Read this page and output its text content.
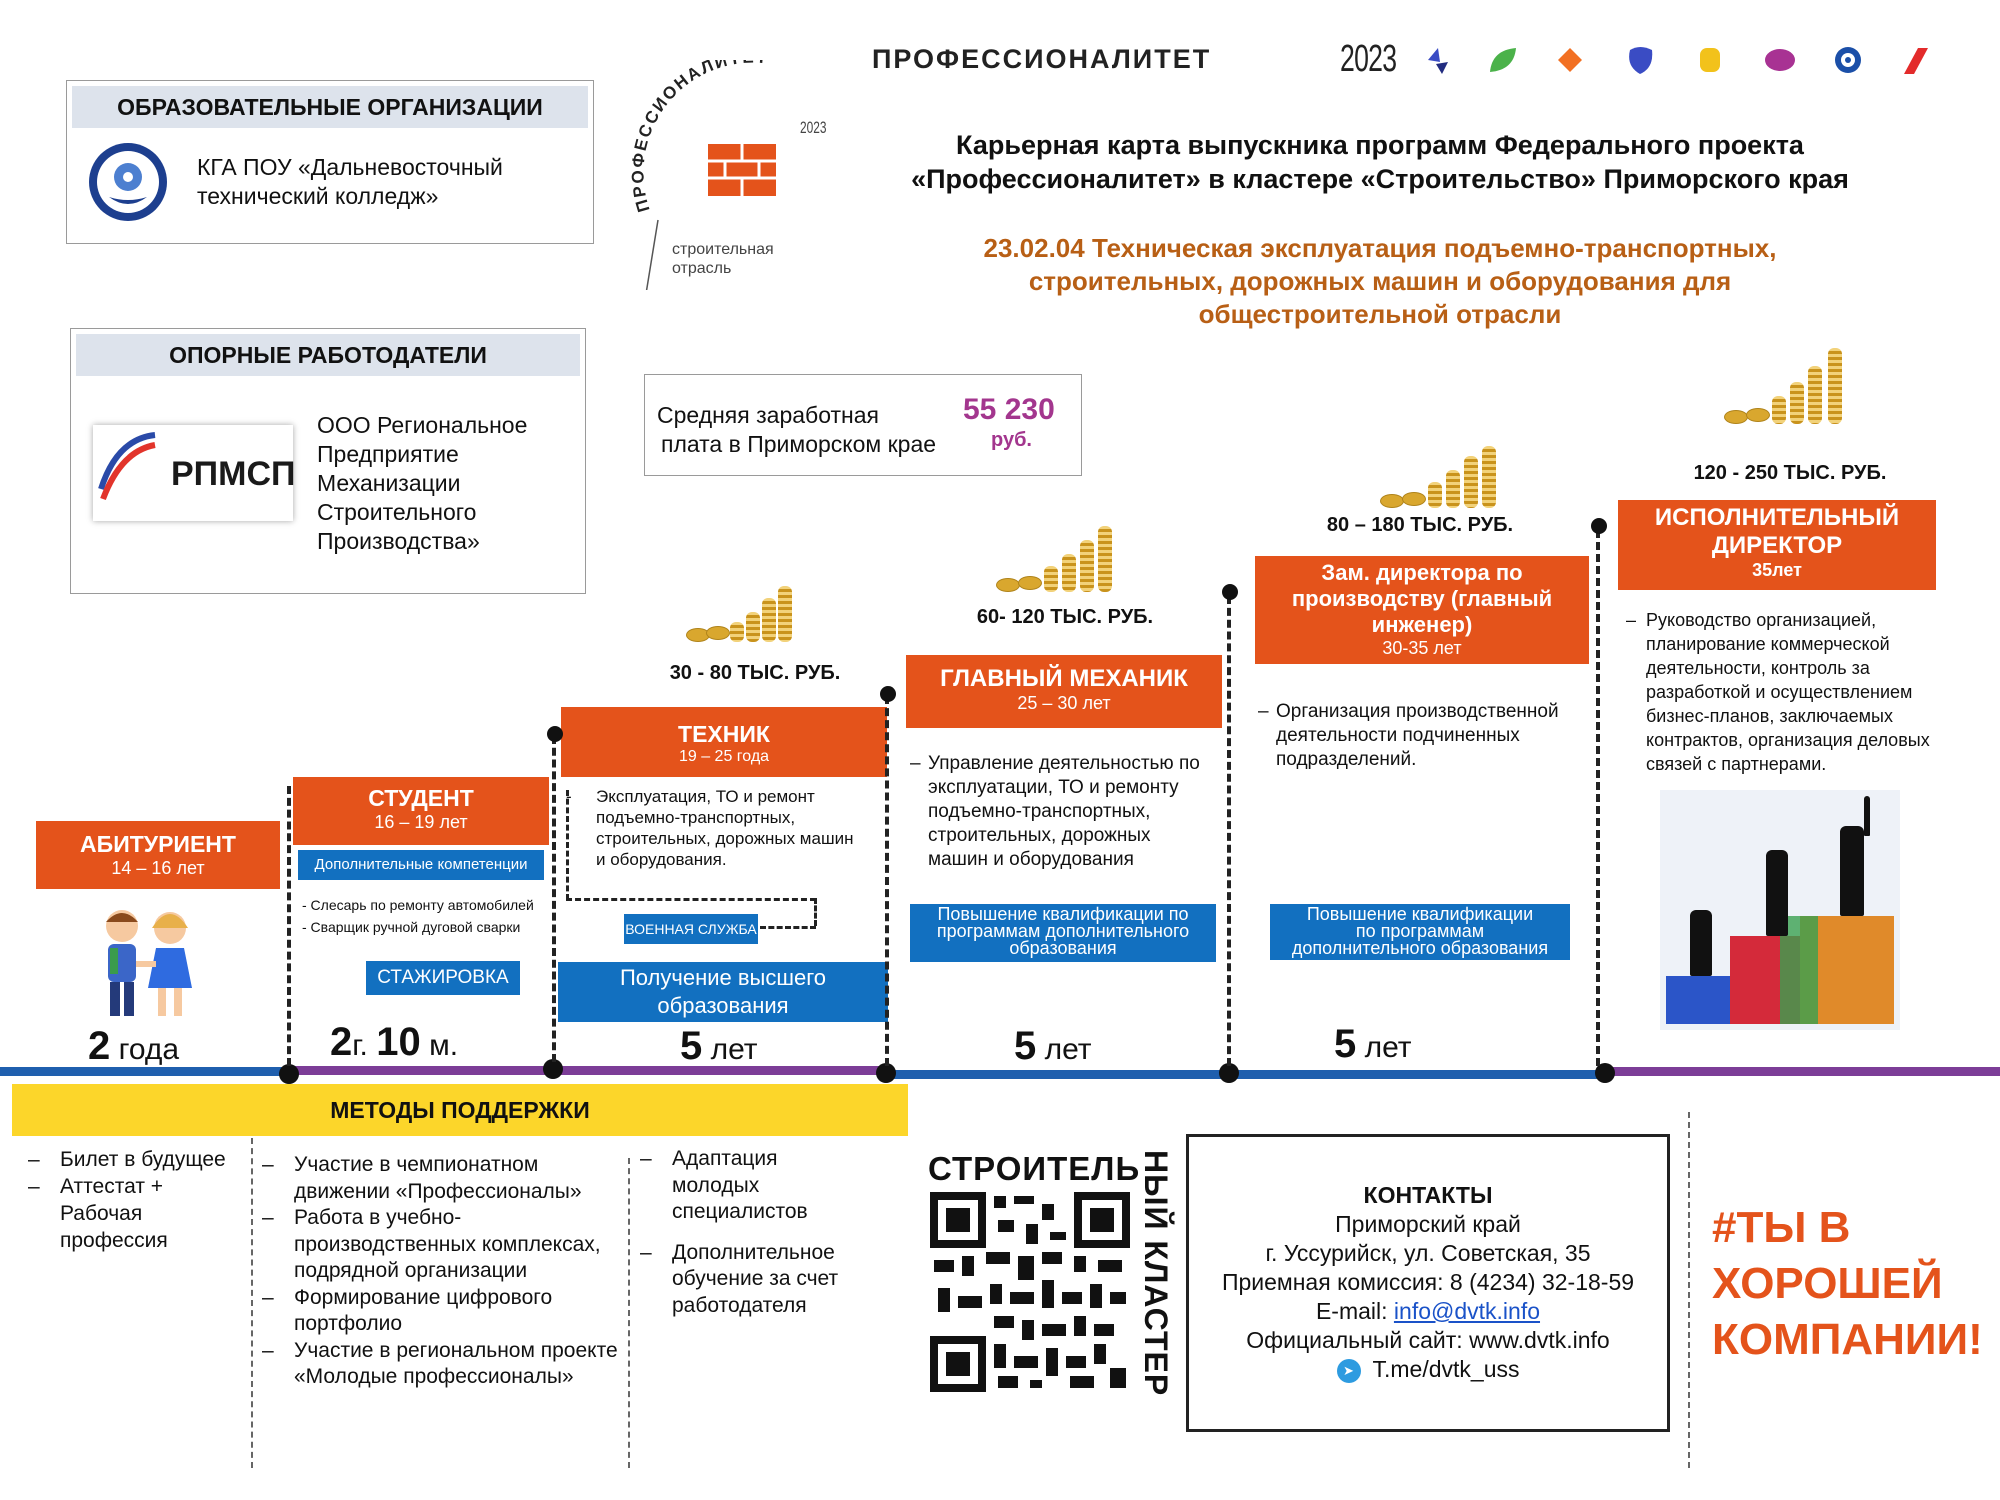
ПРОФЕССИОНАЛИТЕТ	2023
Карьерная карта выпускника программ Федерального проекта
«Профессионалитет» в кластере «Строительство» Приморского края
23.02.04 Техническая эксплуатация подъемно-транспортных,
строительных, дорожных машин и оборудования для
общестроительной отрасли
ПРОФЕССИОНАЛИ
2023
строительная
отрасль
ОБРАЗОВАТЕЛЬНЫЕ ОРГАНИЗАЦИИ
КГА ПОУ «Дальневосточный
технический колледж»
ОПОРНЫЕ РАБОТОДАТЕЛИ
РПМСП
ООО Региональное
Предприятие
Механизации
Строительного
Производства»
Средняя заработная
плата в Приморском крае
55 230
руб.
30 - 80 ТЫС. РУБ.
60- 120 ТЫС. РУБ.
80 – 180 ТЫС. РУБ.
120 - 250 ТЫС. РУБ.
АБИТУРИЕНТ
14 – 16 лет
СТУДЕНТ
16 – 19 лет
ТЕХНИК
19 – 25 года
ГЛАВНЫЙ МЕХАНИК
25 – 30 лет
Зам. директора по
производству (главный
инженер)
30-35 лет
ИСПОЛНИТЕЛЬНЫЙ
ДИРЕКТОР
35лет
Дополнительные компетенции
- Слесарь по ремонту автомобилей
- Сварщик ручной дуговой сварки
СТАЖИРОВКА
- Эксплуатация, ТО и ремонт
подъемно-транспортных,
строительных, дорожных машин
и оборудования.
ВОЕННАЯ СЛУЖБА
Получение высшего
образования
– Управление деятельностью по
эксплуатации, ТО и ремонту
подъемно-транспортных,
строительных, дорожных
машин и оборудования
Повышение квалификации по
программам дополнительного
образования
– Организация производственной
деятельности подчиненных
подразделений.
Повышение квалификации
по программам
дополнительного образования
– Руководство организацией,
планирование коммерческой
деятельности, контроль за
разработкой и осуществлением
бизнес-планов, заключаемых
контрактов, организация деловых
связей с партнерами.
2 года	2г. 10 м.	5 лет	5 лет	5 лет
МЕТОДЫ ПОДДЕРЖКИ
– Билет в будущее
– Аттестат + Рабочая профессия
– Участие в чемпионатном движении «Профессионалы»
– Работа в учебно-производственных комплексах, подрядной организации
– Формирование цифрового портфолио
– Участие в региональном проекте «Молодые профессионалы»
– Адаптация молодых специалистов
– Дополнительное обучение за счет работодателя
СТРОИТЕЛЬ
НЫЙ КЛАСТЕР	КОНТАКТЫ
Приморский край
г. Уссурийск, ул. Советская, 35
Приемная комиссия: 8 (4234) 32-18-59
E-mail: info@dvtk.info
Официальный сайт: www.dvtk.info
➤ T.me/dvtk_uss
#ТЫ В
ХОРОШЕЙ
КОМПАНИИ!
